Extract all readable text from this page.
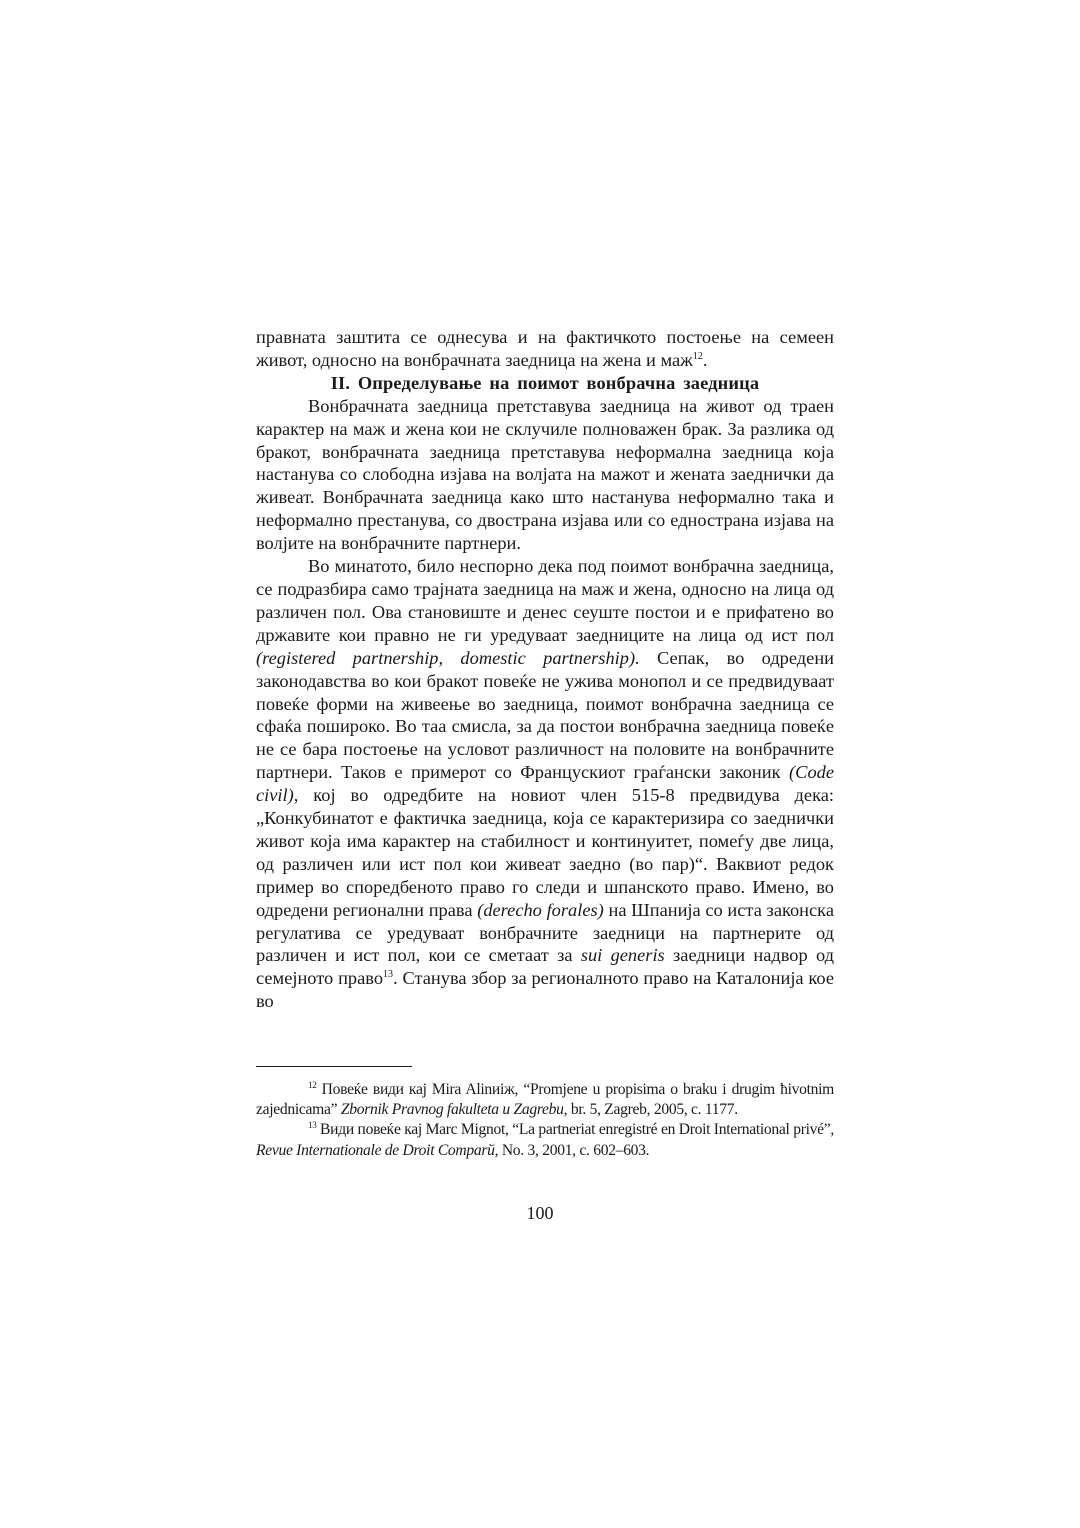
правната заштита се однесува и на фактичкото постоење на семеен живот, односно на вонбрачната заедница на жена и маж$^{12}$.

II. Определување на поимот вонбрачна заедница

Вонбрачната заедница претставува заедница на живот од траен карактер на маж и жена кои не склучиле полноважен брак. За разлика од бракот, вонбрачната заедница претставува неформална заедница која настанува со слободна изјава на волјата на мажот и жената заеднички да живеат. Вонбрачната заедница како што настанува неформално така и неформално престанува, со двострана изјава или со еднострана изјава на волјите на вонбрачните партнери.

Во минатото, било неспорно дека под поимот вонбрачна заедница, се подразбира само трајната заедница на маж и жена, односно на лица од различен пол. Ова становиште и денес сеуште постои и е прифатено во државите кои правно не ги уредуваат заедниците на лица од ист пол (registered partnership, domestic partnership). Сепак, во одредени законодавства во кои бракот повеќе не ужива монопол и се предвидуваат повеќе форми на живеење во заедница, поимот вонбрачна заедница се сфаќа пошироко. Во таа смисла, за да постои вонбрачна заедница повеќе не се бара постоење на условот различност на половите на вонбрачните партнери. Таков е примерот со Францускиот граѓански законик (Code civil), кој во одредбите на новиот член 515-8 предвидува дека: „Конкубинатот е фактичка заедница, која се карактеризира со заеднички живот која има карактер на стабилност и континуитет, помеѓу две лица, од различен или ист пол кои живеат заедно (во пар)“. Ваквиот редок пример во споредбеното право го следи и шпанското право. Имено, во одредени регионални права (derecho forales) на Шпанија со иста законска регулатива се уредуваат вонбрачните заедници на партнерите од различен и ист пол, кои се сметаат за sui generis заедници надвор од семејното право$^{13}$. Станува збор за регионалното право на Каталонија кое во

$^{12}$ Повеќе види кај Mira Alinиіж, “Promjene u propisima o braku i drugim ћivotnim zajednicama” Zbornik Pravnog fakulteta u Zagrebu, br. 5, Zagreb, 2005, с. 1177.

$^{13}$ Види повеќе кај Marc Mignot, “La partneriat enregistré en Droit International privé”, Revue Internationale de Droit Comparй, No. 3, 2001, с. 602–603.

100
